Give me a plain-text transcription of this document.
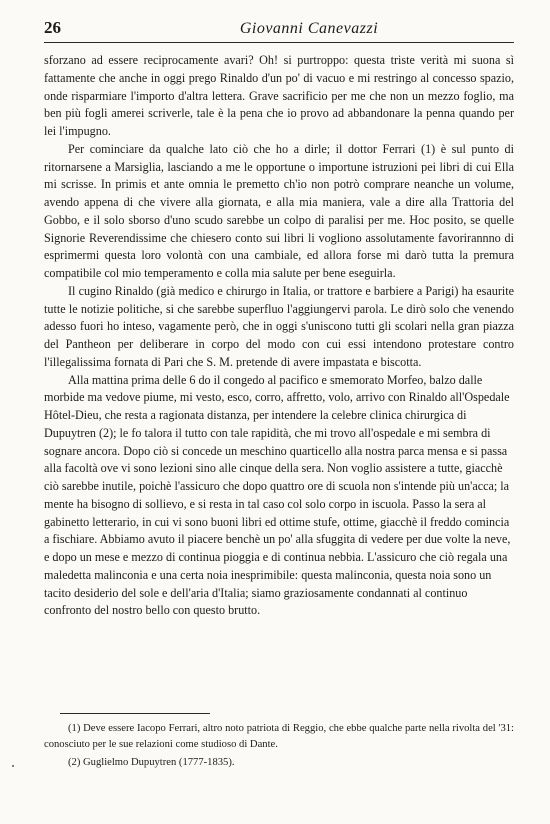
26	Giovanni Canevazzi

sforzano ad essere reciprocamente avari? Oh! si purtroppo: questa triste verità mi suona sì fattamente che anche in oggi prego Rinaldo d'un po' di vacuo e mi restringo al concesso spazio, onde risparmiare l'importo d'altra lettera. Grave sacrificio per me che non un mezzo foglio, ma ben più fogli amerei scriverle, tale è la pena che io provo ad abbandonare la penna quando per lei l'impugno.

Per cominciare da qualche lato ciò che ho a dirle; il dottor Ferrari (1) è sul punto di ritornarsene a Marsiglia, lasciando a me le opportune o importune istruzioni pei libri di cui Ella mi scrisse. In primis et ante omnia le premetto ch'io non potrò comprare neanche un volume, avendo appena di che vivere alla giornata, e alla mia maniera, vale a dire alla Trattoria del Gobbo, e il solo sborso d'uno scudo sarebbe un colpo di paralisi per me. Hoc posito, se quelle Signorie Reverendissime che chiesero conto sui libri li vogliono assolutamente favorirannno di esprimermi questa loro volontà con una cambiale, ed allora forse mi darò tutta la premura compatibile col mio temperamento e colla mia salute per bene eseguirla.

Il cugino Rinaldo (già medico e chirurgo in Italia, or trattore e barbiere a Parigi) ha esaurite tutte le notizie politiche, si che sarebbe superfluo l'aggiungervi parola. Le dirò solo che venendo adesso fuori ho inteso, vagamente però, che in oggi s'uniscono tutti gli scolari nella gran piazza del Pantheon per deliberare in corpo del modo con cui essi intendono protestare contro l'illegalissima fornata di Pari che S. M. pretende di avere impastata e biscotta.

Alla mattina prima delle 6 do il congedo al pacifico e smemorato Morfeo, balzo dalle morbide ma vedove piume, mi vesto, esco, corro, affretto, volo, arrivo con Rinaldo all'Ospedale Hôtel-Dieu, che resta a ragionata distanza, per intendere la celebre clinica chirurgica di Dupuytren (2); le fo talora il tutto con tale rapidità, che mi trovo all'ospedale e mi sembra di sognare ancora. Dopo ciò si concede un meschino quarticello alla nostra parca mensa e si passa alla facoltà ove vi sono lezioni sino alle cinque della sera. Non voglio assistere a tutte, giacchè ciò sarebbe inutile, poichè l'assicuro che dopo quattro ore di scuola non s'intende più un'acca; la mente ha bisogno di sollievo, e si resta in tal caso col solo corpo in iscuola. Passo la sera al gabinetto letterario, in cui vi sono buoni libri ed ottime stufe, ottime, giacchè il freddo comincia a fischiare. Abbiamo avuto il piacere benchè un po' alla sfuggita di vedere per due volte la neve, e dopo un mese e mezzo di continua pioggia e di continua nebbia. L'assicuro che ciò regala una maledetta malinconia e una certa noia inesprimibile: questa malinconia, questa noia sono un tacito desiderio del sole e dell'aria d'Italia; siamo graziosamente condannati al continuo confronto del nostro bello con questo brutto.

(1) Deve essere Iacopo Ferrari, altro noto patriota di Reggio, che ebbe qualche parte nella rivolta del '31: conosciuto per le sue relazioni come studioso di Dante.

(2) Guglielmo Dupuytren (1777-1835).
